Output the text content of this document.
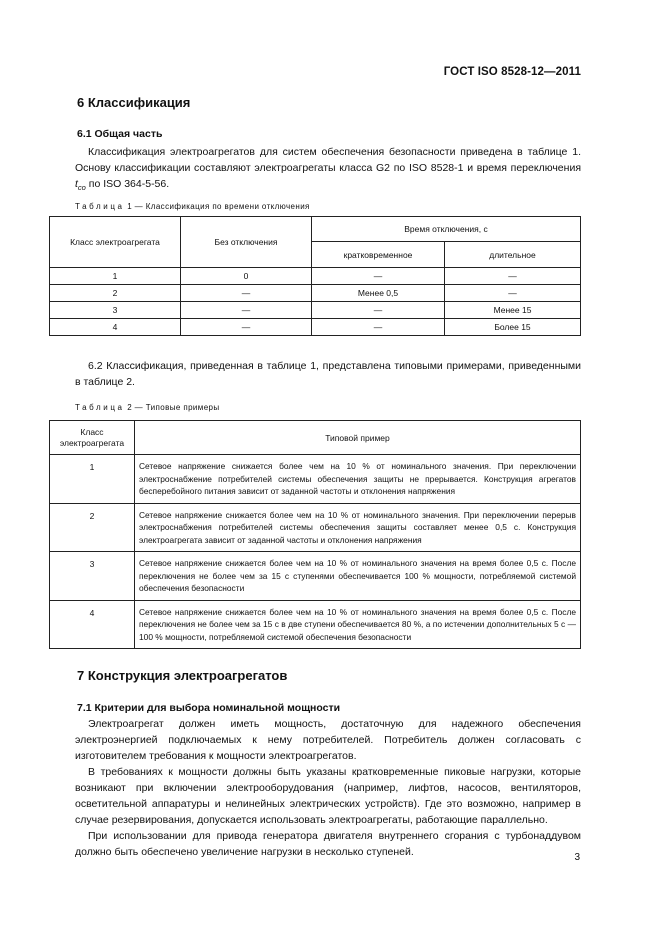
ГОСТ ISO 8528-12—2011
6 Классификация
6.1 Общая часть

Классификация электроагрегатов для систем обеспечения безопасности приведена в таблице 1. Основу классификации составляют электроагрегаты класса G2 по ISO 8528-1 и время переключения $t_{co}$ по ISO 364-5-56.

Таблица 1 — Классификация по времени отключения
Класс электроагрегата	Без отключения	Время отключения, с	
		кратковременное	длительное
1	0	—	—
2	—	Менее 0,5	—
3	—	—	Менее 15
4	—	—	Более 15

6.2 Классификация, приведенная в таблице 1, представлена типовыми примерами, приведенными в таблице 2.

Таблица 2 — Типовые примеры
Класс электроагрегата	Типовой пример
1	Сетевое напряжение снижается более чем на 10 % от номинального значения. При переключении электроснабжение потребителей системы обеспечения защиты не прерывается. Конструкция агрегатов бесперебойного питания зависит от заданной частоты и отклонения напряжения
2	Сетевое напряжение снижается более чем на 10 % от номинального значения. При переключении перерыв электроснабжения потребителей системы обеспечения защиты составляет менее 0,5 с. Конструкция электроагрегата зависит от заданной частоты и отклонения напряжения
3	Сетевое напряжение снижается более чем на 10 % от номинального значения на время более 0,5 с. После переключения не более чем за 15 с ступенями обеспечивается 100 % мощности, потребляемой системой обеспечения безопасности
4	Сетевое напряжение снижается более чем на 10 % от номинального значения на время более 0,5 с. После переключения не более чем за 15 с в две ступени обеспечивается 80 %, а по истечении дополнительных 5 с — 100 % мощности, потребляемой системой обеспечения безопасности
7 Конструкция электроагрегатов
7.1 Критерии для выбора номинальной мощности

Электроагрегат должен иметь мощность, достаточную для надежного обеспечения электроэнергией подключаемых к нему потребителей. Потребитель должен согласовать с изготовителем требования к мощности электроагрегатов.

В требованиях к мощности должны быть указаны кратковременные пиковые нагрузки, которые возникают при включении электрооборудования (например, лифтов, насосов, вентиляторов, осветительной аппаратуры и нелинейных электрических устройств). Где это возможно, например в случае резервирования, допускается использовать электроагрегаты, работающие параллельно.

При использовании для привода генератора двигателя внутреннего сгорания с турбонаддувом должно быть обеспечено увеличение нагрузки в несколько ступеней.	3
